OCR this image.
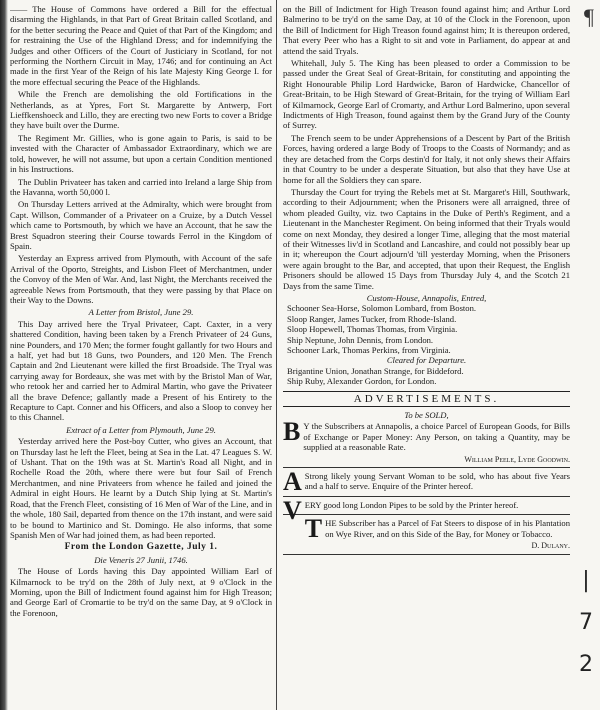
—— The House of Commons have ordered a Bill for the effectual disarming the Highlands, in that Part of Great Britain called Scotland, and for the better securing the Peace and Quiet of that Part of the Kingdom; and for restraining the Use of the Highland Dress; and for indemnifying the Judges and other Officers of the Court of Justiciary in Scotland, for not performing the Northern Circuit in May, 1746; and for continuing an Act made in the first Year of the Reign of his late Majesty King George I. for the more effectual securing the Peace of the Highlands.

While the French are demolishing the old Fortifications in the Netherlands, as at Ypres, Fort St. Margarette by Antwerp, Fort Lieffkenshoeck and Lillo, they are erecting two new Forts to cover a Bridge they have built over the Durme.

The Regiment Mr. Gillies, who is gone again to Paris, is said to be invested with the Character of Ambassador Extraordinary, which we are told, however, he will not assume, but upon a certain Condition mentioned in his Instructions.

The Dublin Privateer has taken and carried into Ireland a large Ship from the Havanna, worth 50,000 l.

On Thursday Letters arrived at the Admiralty, which were brought from Capt. Willson, Commander of a Privateer on a Cruize, by a Dutch Vessel which came to Portsmouth, by which we have an Account, that he saw the Brest Squadron steering their Course towards Ferrol in the Kingdom of Spain.

Yesterday an Express arrived from Plymouth, with Account of the safe Arrival of the Oporto, Streights, and Lisbon Fleet of Merchantmen, under the Convoy of the Men of War. And, last Night, the Merchants received the agreeable News from Portsmouth, that they were passing by that Place on their Way to the Downs.

A Letter from Bristol, June 29.

This Day arrived here the Tryal Privateer, Capt. Caxter, in a very shattered Condition, having been taken by a French Privateer of 24 Guns, nine Pounders, and 170 Men; the former fought gallantly for two Hours and a half, yet had but 18 Guns, two Pounders, and 120 Men. The French Captain and 2nd Lieutenant were killed the first Broadside. The Tryal was carrying away for Bordeaux, she was met with by the Bristol Man of War, who retook her and carried her to Admiral Martin, who gave the Privateer all the brave Defence; gallantly made a Present of his Entirety to the Recapture to Capt. Conner and his Officers, and also a Sloop to convey her to this Channel.

Extract of a Letter from Plymouth, June 29.

Yesterday arrived here the Post-boy Cutter, who gives an Account, that on Thursday last he left the Fleet, being at Sea in the Lat. 47 Leagues S. W. of Ushant. That on the 19th was at St. Martin's Road all Night, and in Rochelle Road the 20th, where there were but four Sail of French Merchantmen, and nine Privateers from whence he failed and joined the Admiral in eight Hours. He learnt by a Dutch Ship lying at St. Martin's Road, that the French Fleet, consisting of 16 Men of War of the Line, and in the whole, 180 Sail, departed from thence on the 17th instant, and were said to be bound to Martinico and St. Domingo. He also informs, that some Spanish Men of War had joined them, as had been reported.

From the London Gazette, July 1.
Die Veneris 27 Junii, 1746.

The House of Lords having this Day appointed William Earl of Kilmarnock to be try'd on the 28th of July next, at 9 o'Clock in the Morning, upon the Bill of Indictment found against him for High Treason; and George Earl of Cromartie to be try'd on the same Day, at 9 o'Clock in the Forenoon,

on the Bill of Indictment for High Treason found against him; and Arthur Lord Balmerino to be try'd on the same Day, at 10 of the Clock in the Forenoon, upon the Bill of Indictment for High Treason found against him; It is thereupon ordered, That every Peer who has a Right to sit and vote in Parliament, do appear at and attend the said Tryals.

Whitehall, July 5. The King has been pleased to order a Commission to be passed under the Great Seal of Great-Britain, for constituting and appointing the Right Honourable Philip Lord Hardwicke, Baron of Hardwicke, Chancellor of Great-Britain, to be High Steward of Great-Britain, for the trying of William Earl of Kilmarnock, George Earl of Cromarty, and Arthur Lord Balmerino, upon several Indictments of High Treason, found against them by the Grand Jury of the County of Surrey.

The French seem to be under Apprehensions of a Descent by Part of the British Forces, having ordered a large Body of Troops to the Coasts of Normandy; and as they are detached from the Corps destin'd for Italy, it not only shews their Affairs in that Country to be under a desperate Situation, but also that they have Use at home for all the Soldiers they can spare.

Thursday the Court for trying the Rebels met at St. Margaret's Hill, Southwark, according to their Adjournment; when the Prisoners were all arraigned, three of whom pleaded Guilty, viz. two Captains in the Duke of Perth's Regiment, and a Lieutenant in the Manchester Regiment. On being informed that their Tryals would come on next Monday, they desired a longer Time, alleging that the most material of their Witnesses liv'd in Scotland and Lancashire, and could not possibly bear up in it; whereupon the Court adjourn'd 'till yesterday Morning, when the Prisoners were again brought to the Bar, and accepted, that upon their Request, the English Prisoners should be allowed 15 Days from Thursday July 4, and the Scotch 21 Days from the same Time.

Custom-House, Annapolis, Entred,

Schooner Sea-Horse, Solomon Lombard, from Boston.

Sloop Ranger, James Tucker, from Rhode-Island.

Sloop Hopewell, Thomas Thomas, from Virginia.

Ship Neptune, John Dennis, from London.

Schooner Lark, Thomas Perkins, from Virginia.

Cleared for Departure.

Brigantine Union, Jonathan Strange, for Biddeford.

Ship Ruby, Alexander Gordon, for London.

ADVERTISEMENTS.
To be SOLD,

B Y the Subscribers at Annapolis, a choice Parcel of European Goods, for Bills of Exchange or Paper Money: Any Person, on taking a Quantity, may be supplied at a reasonable Rate.

William Peele, Lyde Goodwin.

A Strong likely young Servant Woman to be sold, who has about five Years and a half to serve. Enquire of the Printer hereof.

VERY good long London Pipes to be sold by the Printer hereof.

THE Subscriber has a Parcel of Fat Steers to dispose of in his Plantation on Wye River, and on this Side of the Bay, for Money or Tobacco.

D. Dulany.
¶
|
7
2
